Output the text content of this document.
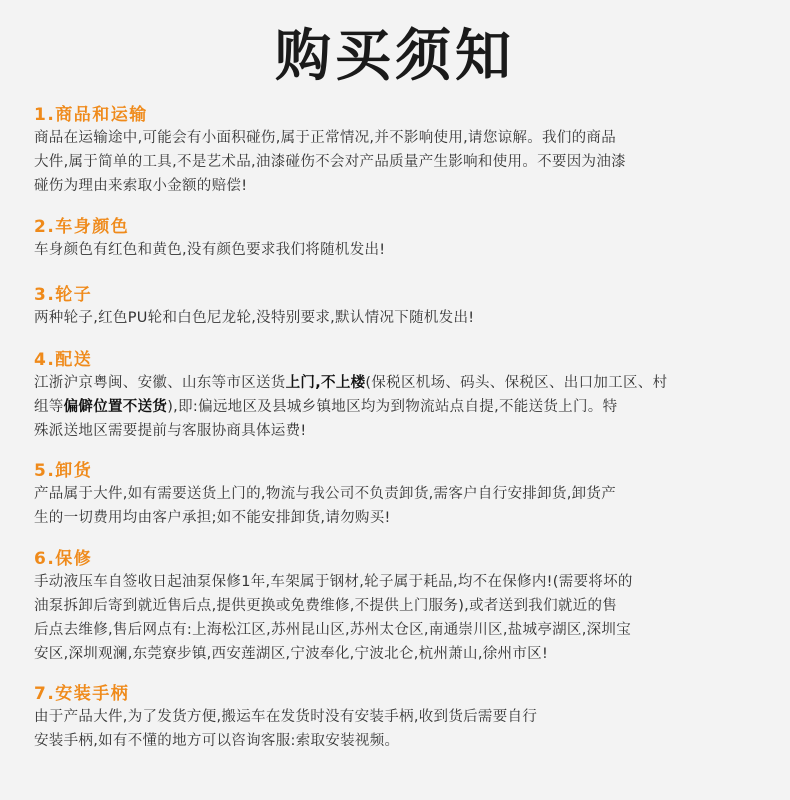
购买须知
1.商品和运输
商品在运输途中,可能会有小面积碰伤,属于正常情况,并不影响使用,请您谅解。我们的商品
大件,属于简单的工具,不是艺术品,油漆碰伤不会对产品质量产生影响和使用。不要因为油漆
碰伤为理由来索取小金额的赔偿!
2.车身颜色
车身颜色有红色和黄色,没有颜色要求我们将随机发出!
3.轮子
两种轮子,红色PU轮和白色尼龙轮,没特别要求,默认情况下随机发出!
4.配送
江浙沪京粤闽、安徽、山东等市区送货上门,不上楼(保税区机场、码头、保税区、出口加工区、村
组等偏僻位置不送货),即:偏远地区及县城乡镇地区均为到物流站点自提,不能送货上门。特
殊派送地区需要提前与客服协商具体运费!
5.卸货
产品属于大件,如有需要送货上门的,物流与我公司不负责卸货,需客户自行安排卸货,卸货产
生的一切费用均由客户承担;如不能安排卸货,请勿购买!
6.保修
手动液压车自签收日起油泵保修1年,车架属于钢材,轮子属于耗品,均不在保修内!(需要将坏的
油泵拆卸后寄到就近售后点,提供更换或免费维修,不提供上门服务),或者送到我们就近的售
后点去维修,售后网点有:上海松江区,苏州昆山区,苏州太仓区,南通崇川区,盐城亭湖区,深圳宝
安区,深圳观澜,东莞寮步镇,西安莲湖区,宁波奉化,宁波北仑,杭州萧山,徐州市区!
7.安装手柄
由于产品大件,为了发货方便,搬运车在发货时没有安装手柄,收到货后需要自行
安装手柄,如有不懂的地方可以咨询客服:索取安装视频。
